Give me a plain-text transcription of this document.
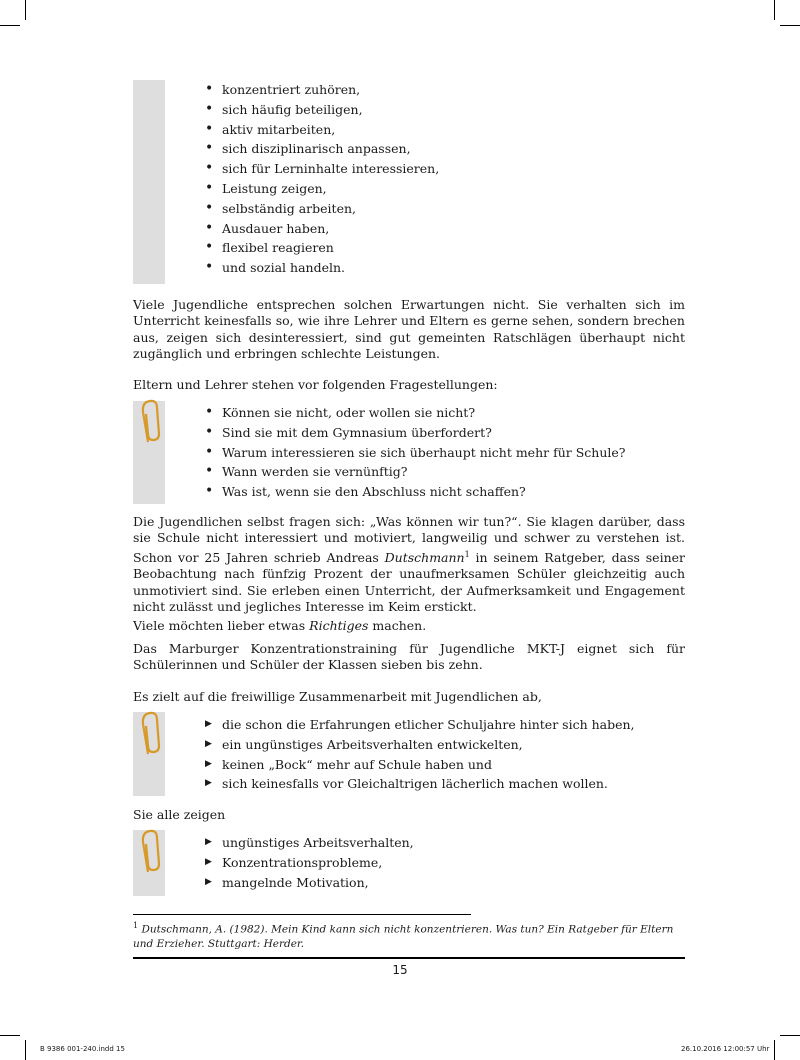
• konzentriert zuhören,
• sich häufig beteiligen,
• aktiv mitarbeiten,
• sich disziplinarisch anpassen,
• sich für Lerninhalte interessieren,
• Leistung zeigen,
• selbständig arbeiten,
• Ausdauer haben,
• flexibel reagieren
• und sozial handeln.
Viele Jugendliche entsprechen solchen Erwartungen nicht. Sie verhalten sich im Unterricht keinesfalls so, wie ihre Lehrer und Eltern es gerne sehen, sondern brechen aus, zeigen sich desinteressiert, sind gut gemeinten Ratschlägen überhaupt nicht zugänglich und erbringen schlechte Leistungen.
Eltern und Lehrer stehen vor folgenden Fragestellungen:
• Können sie nicht, oder wollen sie nicht?
• Sind sie mit dem Gymnasium überfordert?
• Warum interessieren sie sich überhaupt nicht mehr für Schule?
• Wann werden sie vernünftig?
• Was ist, wenn sie den Abschluss nicht schaffen?
Die Jugendlichen selbst fragen sich: „Was können wir tun?“. Sie klagen darüber, dass sie Schule nicht interessiert und motiviert, langweilig und schwer zu verstehen ist. Schon vor 25 Jahren schrieb Andreas Dutschmann$^1$ in seinem Ratgeber, dass seiner Beobachtung nach fünfzig Prozent der unaufmerksamen Schüler gleichzeitig auch unmotiviert sind. Sie erleben einen Unterricht, der Aufmerksamkeit und Engagement nicht zulässt und jegliches Interesse im Keim erstickt.
Viele möchten lieber etwas Richtiges machen.
Das Marburger Konzentrationstraining für Jugendliche MKT-J eignet sich für Schülerinnen und Schüler der Klassen sieben bis zehn.
Es zielt auf die freiwillige Zusammenarbeit mit Jugendlichen ab,
▶ die schon die Erfahrungen etlicher Schuljahre hinter sich haben,
▶ ein ungünstiges Arbeitsverhalten entwickelten,
▶ keinen „Bock“ mehr auf Schule haben und
▶ sich keinesfalls vor Gleichaltrigen lächerlich machen wollen.
Sie alle zeigen
▶ ungünstiges Arbeitsverhalten,
▶ Konzentrationsprobleme,
▶ mangelnde Motivation,
$^1$ Dutschmann, A. (1982). Mein Kind kann sich nicht konzentrieren. Was tun? Ein Ratgeber für Eltern und Erzieher. Stuttgart: Herder.
15
B 9386 001-240.indd 15	26.10.2016 12:00:57 Uhr
